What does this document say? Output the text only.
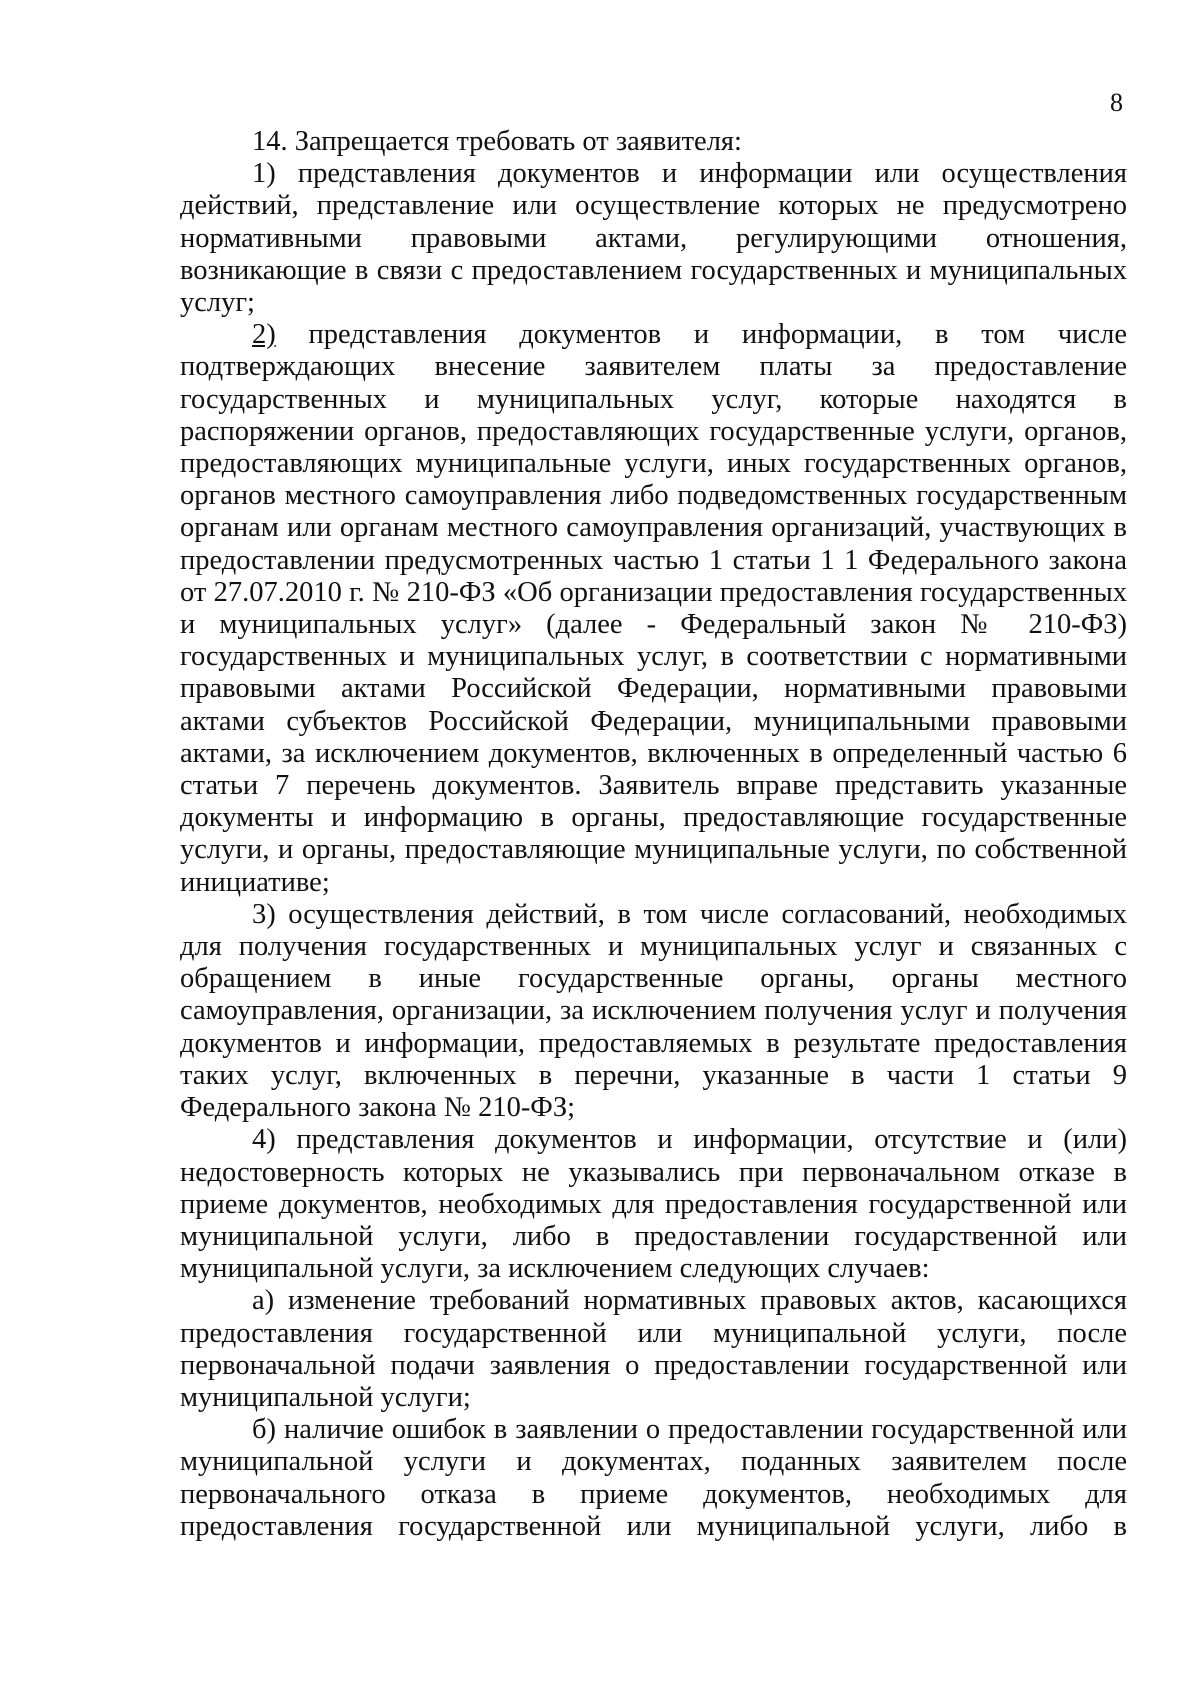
8

14. Запрещается требовать от заявителя:

1) представления документов и информации или осуществления действий, представление или осуществление которых не предусмотрено нормативными правовыми актами, регулирующими отношения, возникающие в связи с предоставлением государственных и муниципальных услуг;

2) представления документов и информации, в том числе подтверждающих внесение заявителем платы за предоставление государственных и муниципальных услуг, которые находятся в распоряжении органов, предоставляющих государственные услуги, органов, предоставляющих муниципальные услуги, иных государственных органов, органов местного самоуправления либо подведомственных государственным органам или органам местного самоуправления организаций, участвующих в предоставлении предусмотренных частью 1 статьи 1 1 Федерального закона от 27.07.2010 г. № 210-ФЗ «Об организации предоставления государственных и муниципальных услуг» (далее - Федеральный закон № 210-ФЗ) государственных и муниципальных услуг, в соответствии с нормативными правовыми актами Российской Федерации, нормативными правовыми актами субъектов Российской Федерации, муниципальными правовыми актами, за исключением документов, включенных в определенный частью 6 статьи 7 перечень документов. Заявитель вправе представить указанные документы и информацию в органы, предоставляющие государственные услуги, и органы, предоставляющие муниципальные услуги, по собственной инициативе;

3) осуществления действий, в том числе согласований, необходимых для получения государственных и муниципальных услуг и связанных с обращением в иные государственные органы, органы местного самоуправления, организации, за исключением получения услуг и получения документов и информации, предоставляемых в результате предоставления таких услуг, включенных в перечни, указанные в части 1 статьи 9 Федерального закона № 210-ФЗ;

4) представления документов и информации, отсутствие и (или) недостоверность которых не указывались при первоначальном отказе в приеме документов, необходимых для предоставления государственной или муниципальной услуги, либо в предоставлении государственной или муниципальной услуги, за исключением следующих случаев:

а) изменение требований нормативных правовых актов, касающихся предоставления государственной или муниципальной услуги, после первоначальной подачи заявления о предоставлении государственной или муниципальной услуги;

б) наличие ошибок в заявлении о предоставлении государственной или муниципальной услуги и документах, поданных заявителем после первоначального отказа в приеме документов, необходимых для предоставления государственной или муниципальной услуги, либо в
